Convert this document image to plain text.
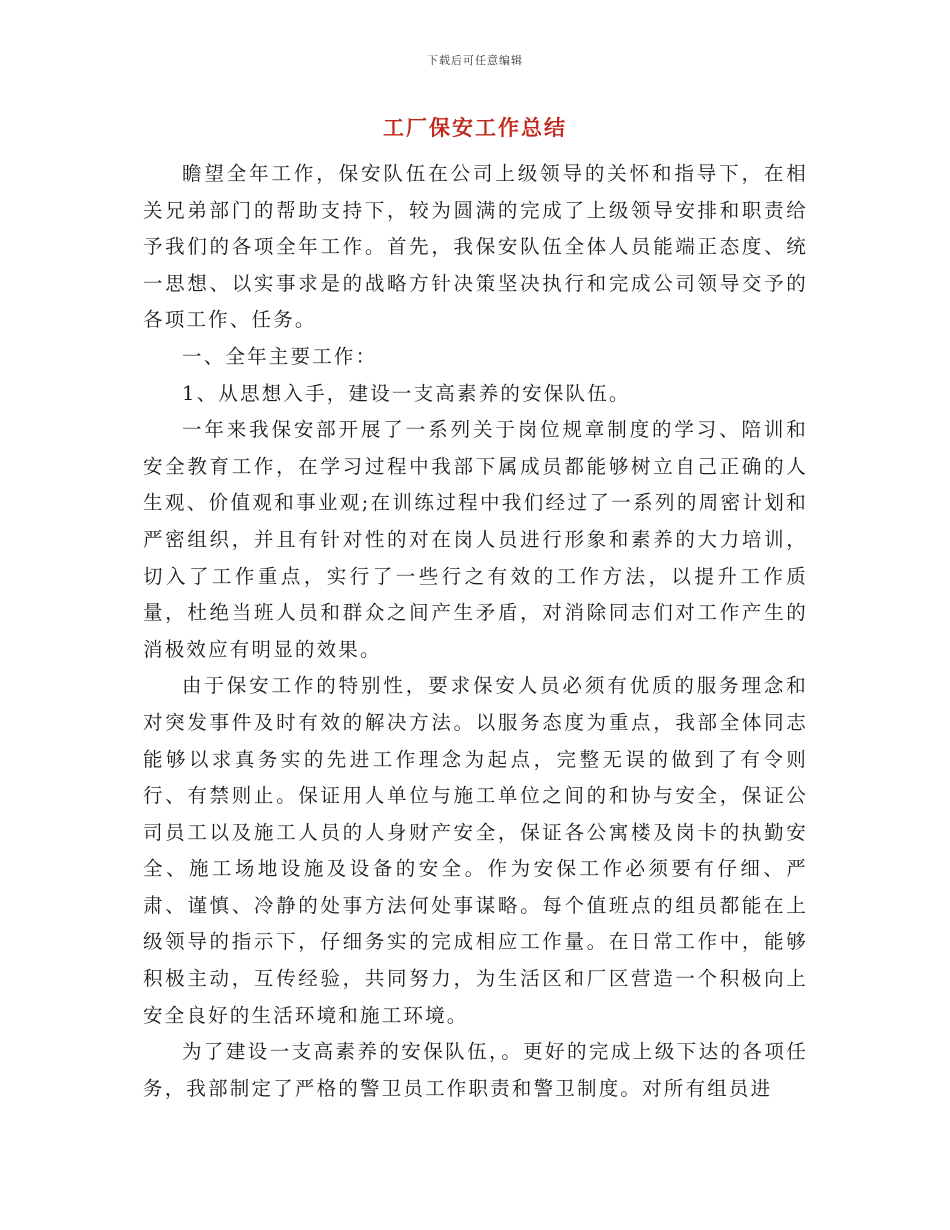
下载后可任意编辑
工厂保安工作总结

瞻望全年工作，保安队伍在公司上级领导的关怀和指导下，在相关兄弟部门的帮助支持下，较为圆满的完成了上级领导安排和职责给予我们的各项全年工作。首先，我保安队伍全体人员能端正态度、统一思想、以实事求是的战略方针决策坚决执行和完成公司领导交予的各项工作、任务。

一、全年主要工作：

1、从思想入手，建设一支高素养的安保队伍。

一年来我保安部开展了一系列关于岗位规章制度的学习、陪训和安全教育工作，在学习过程中我部下属成员都能够树立自己正确的人生观、价值观和事业观;在训练过程中我们经过了一系列的周密计划和严密组织，并且有针对性的对在岗人员进行形象和素养的大力培训，切入了工作重点，实行了一些行之有效的工作方法，以提升工作质量，杜绝当班人员和群众之间产生矛盾，对消除同志们对工作产生的消极效应有明显的效果。

由于保安工作的特别性，要求保安人员必须有优质的服务理念和对突发事件及时有效的解决方法。以服务态度为重点，我部全体同志能够以求真务实的先进工作理念为起点，完整无误的做到了有令则行、有禁则止。保证用人单位与施工单位之间的和协与安全，保证公司员工以及施工人员的人身财产安全，保证各公寓楼及岗卡的执勤安全、施工场地设施及设备的安全。作为安保工作必须要有仔细、严肃、谨慎、冷静的处事方法何处事谋略。每个值班点的组员都能在上级领导的指示下，仔细务实的完成相应工作量。在日常工作中，能够积极主动，互传经验，共同努力，为生活区和厂区营造一个积极向上安全良好的生活环境和施工环境。

为了建设一支高素养的安保队伍，。更好的完成上级下达的各项任务，我部制定了严格的警卫员工作职责和警卫制度。对所有组员进
